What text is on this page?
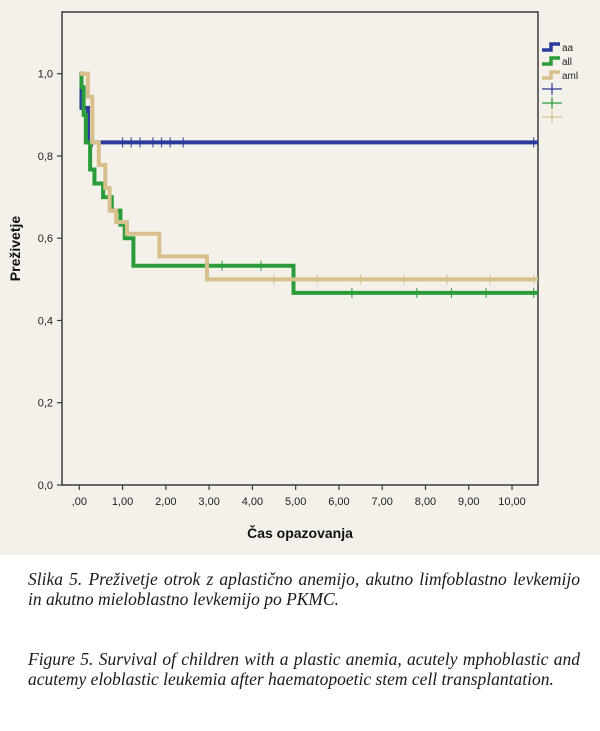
0,0
0,2
0,4
0,6
0,8
1,0
,00 1,00 2,00 3,00 4,00 5,00 6,00 7,00 8,00 9,00 10,00
Čas opazovanja
Preživetje
aa
all
aml
Slika 5. Preživetje otrok z aplastično anemijo, akutno limfoblastno levkemijo in akutno mieloblastno levkemijo po PKMC.
Figure 5. Survival of children with a plastic anemia, acutely mphoblastic and acutemy eloblastic leukemia after haematopoetic stem cell transplantation.
